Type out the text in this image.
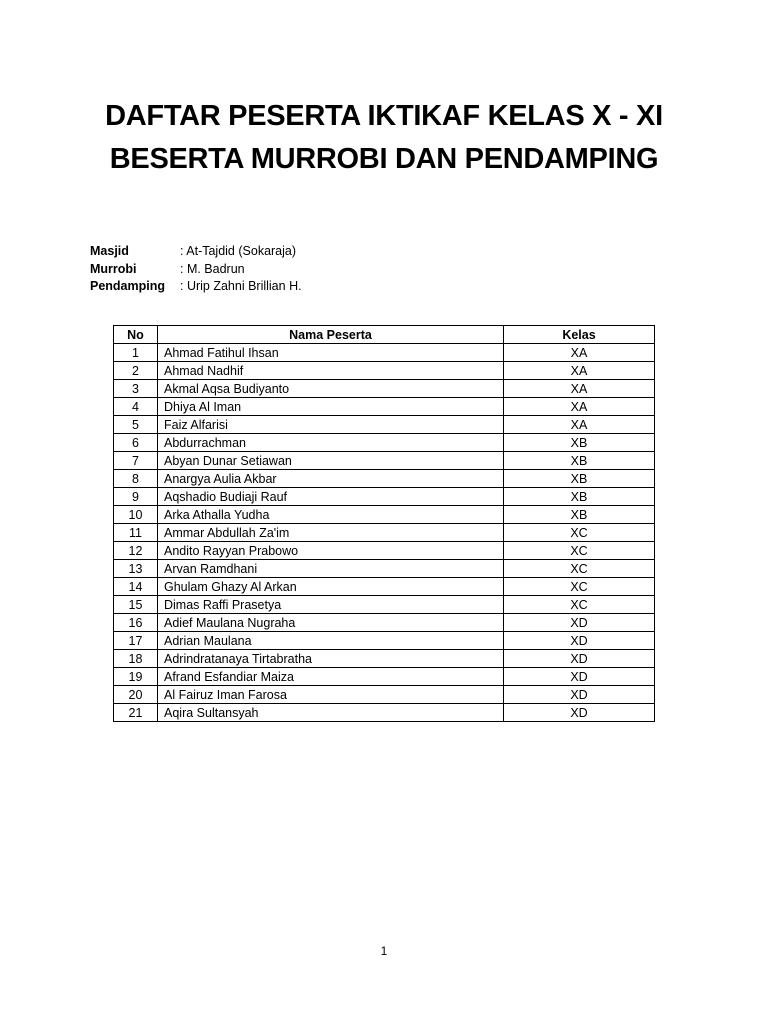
DAFTAR PESERTA IKTIKAF KELAS X - XI
BESERTA MURROBI DAN PENDAMPING
Masjid	: At-Tajdid (Sokaraja)
Murrobi	: M. Badrun
Pendamping : Urip Zahni Brillian H.
No	Nama Peserta	Kelas
1	Ahmad Fatihul Ihsan	XA
2	Ahmad Nadhif	XA
3	Akmal Aqsa Budiyanto	XA
4	Dhiya Al Iman	XA
5	Faiz Alfarisi	XA
6	Abdurrachman	XB
7	Abyan Dunar Setiawan	XB
8	Anargya Aulia Akbar	XB
9	Aqshadio Budiaji Rauf	XB
10	Arka Athalla Yudha	XB
11	Ammar Abdullah Za'im	XC
12	Andito Rayyan Prabowo	XC
13	Arvan Ramdhani	XC
14	Ghulam Ghazy Al Arkan	XC
15	Dimas Raffi Prasetya	XC
16	Adief Maulana Nugraha	XD
17	Adrian Maulana	XD
18	Adrindratanaya Tirtabratha	XD
19	Afrand Esfandiar Maiza	XD
20	Al Fairuz Iman Farosa	XD
21	Aqira Sultansyah	XD
1
